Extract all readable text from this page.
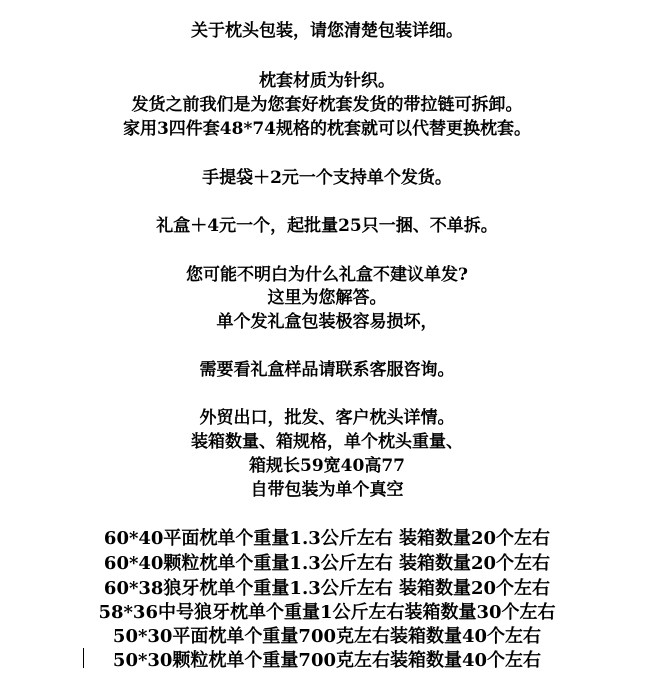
关于枕头包装，请您清楚包装详细。
枕套材质为针织。
发货之前我们是为您套好枕套发货的带拉链可拆卸。
家用3四件套48*74规格的枕套就可以代替更换枕套。
手提袋＋2元一个支持单个发货。
礼盒＋4元一个，起批量25只一捆、不单拆。
您可能不明白为什么礼盒不建议单发?
这里为您解答。
单个发礼盒包装极容易损坏，
需要看礼盒样品请联系客服咨询。
外贸出口，批发、客户枕头详情。
装箱数量、箱规格，单个枕头重量、
箱规长59宽40高77
自带包装为单个真空
60*40平面枕单个重量1.3公斤左右 装箱数量20个左右
60*40颗粒枕单个重量1.3公斤左右 装箱数量20个左右
60*38狼牙枕单个重量1.3公斤左右 装箱数量20个左右
58*36中号狼牙枕单个重量1公斤左右装箱数量30个左右
50*30平面枕单个重量700克左右装箱数量40个左右
50*30颗粒枕单个重量700克左右装箱数量40个左右
